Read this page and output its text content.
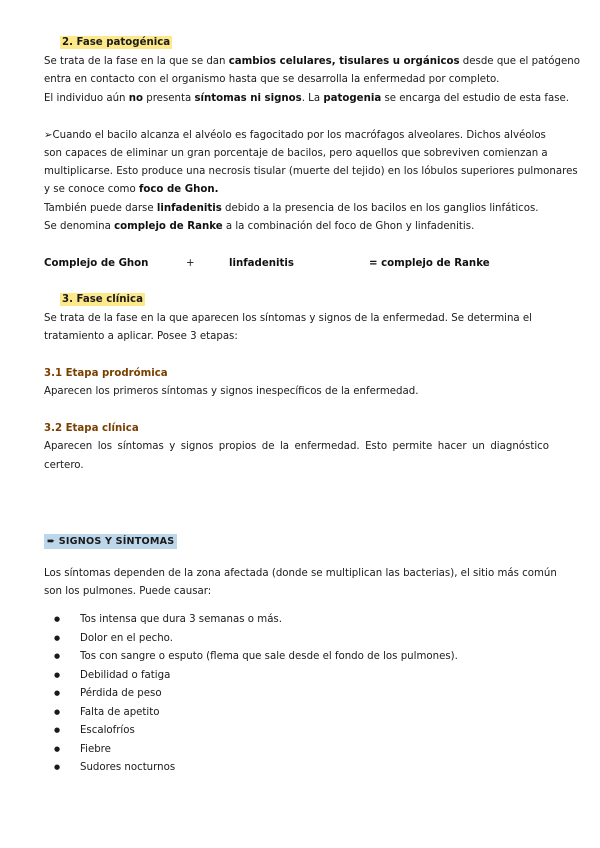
2. Fase patogénica
Se trata de la fase en la que se dan cambios celulares, tisulares u orgánicos desde que el patógeno
entra en contacto con el organismo hasta que se desarrolla la enfermedad por completo.
El individuo aún no presenta síntomas ni signos. La patogenia se encarga del estudio de esta fase.
➢Cuando el bacilo alcanza el alvéolo es fagocitado por los macrófagos alveolares. Dichos alvéolos
son capaces de eliminar un gran porcentaje de bacilos, pero aquellos que sobreviven comienzan a
multiplicarse. Esto produce una necrosis tisular (muerte del tejido) en los lóbulos superiores pulmonares
y se conoce como foco de Ghon.
También puede darse linfadenitis debido a la presencia de los bacilos en los ganglios linfáticos.
Se denomina complejo de Ranke a la combinación del foco de Ghon y linfadenitis.
Complejo de Ghon	+	linfadenitis	= complejo de Ranke
3. Fase clínica
Se trata de la fase en la que aparecen los síntomas y signos de la enfermedad. Se determina el
tratamiento a aplicar. Posee 3 etapas:
3.1 Etapa prodrómica
Aparecen los primeros síntomas y signos inespecíficos de la enfermedad.
3.2 Etapa clínica
Aparecen los síntomas y signos propios de la enfermedad. Esto permite hacer un diagnóstico
certero.
➨ SIGNOS Y SÍNTOMAS
Los síntomas dependen de la zona afectada (donde se multiplican las bacterias), el sitio más común
son los pulmones. Puede causar:
● Tos intensa que dura 3 semanas o más.
● Dolor en el pecho.
● Tos con sangre o esputo (flema que sale desde el fondo de los pulmones).
● Debilidad o fatiga
● Pérdida de peso
● Falta de apetito
● Escalofríos
● Fiebre
● Sudores nocturnos
